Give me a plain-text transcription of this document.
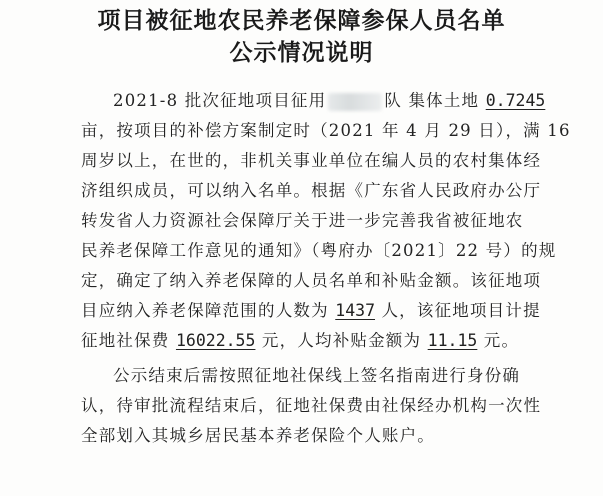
项目被征地农民养老保障参保人员名单
公示情况说明
2021-8 批次征地项目征用	队 集体土地 0.7245
亩，按项目的补偿方案制定时（2021 年 4 月 29 日），满 16
周岁以上，在世的，非机关事业单位在编人员的农村集体经
济组织成员，可以纳入名单。根据《广东省人民政府办公厅
转发省人力资源社会保障厅关于进一步完善我省被征地农
民养老保障工作意见的通知》（粤府办〔2021〕22 号）的规
定，确定了纳入养老保障的人员名单和补贴金额。该征地项
目应纳入养老保障范围的人数为 1437 人，该征地项目计提
征地社保费 16022.55 元，人均补贴金额为 11.15 元。
公示结束后需按照征地社保线上签名指南进行身份确
认，待审批流程结束后，征地社保费由社保经办机构一次性
全部划入其城乡居民基本养老保险个人账户。
